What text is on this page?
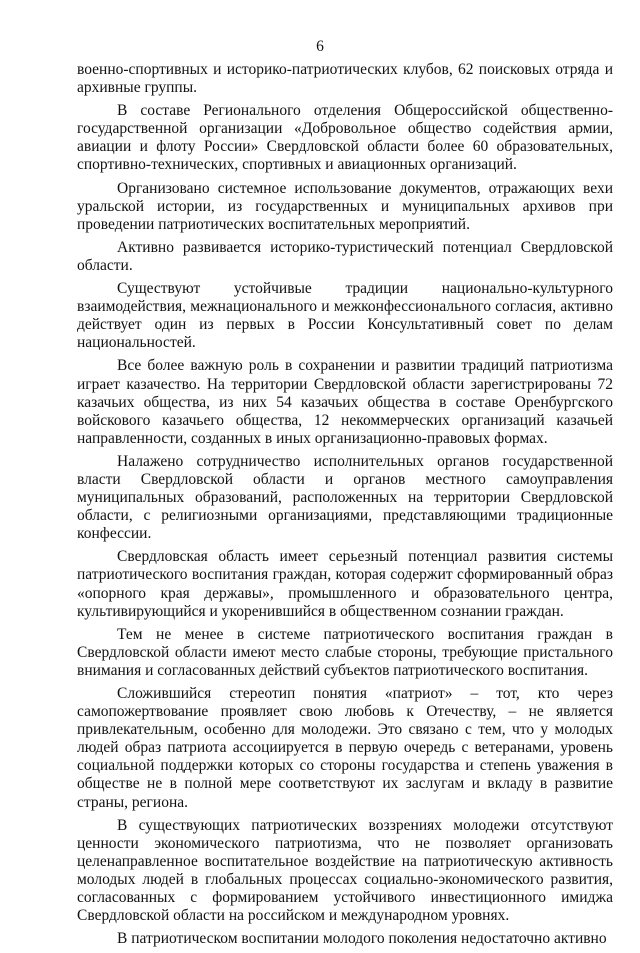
6

военно-спортивных и историко-патриотических клубов, 62 поисковых отряда и архивные группы.

В составе Регионального отделения Общероссийской общественно-государственной организации «Добровольное общество содействия армии, авиации и флоту России» Свердловской области более 60 образовательных, спортивно-технических, спортивных и авиационных организаций.

Организовано системное использование документов, отражающих вехи уральской истории, из государственных и муниципальных архивов при проведении патриотических воспитательных мероприятий.

Активно развивается историко-туристический потенциал Свердловской области.

Существуют устойчивые традиции национально-культурного взаимодействия, межнационального и межконфессионального согласия, активно действует один из первых в России Консультативный совет по делам национальностей.

Все более важную роль в сохранении и развитии традиций патриотизма играет казачество. На территории Свердловской области зарегистрированы 72 казачьих общества, из них 54 казачьих общества в составе Оренбургского войскового казачьего общества, 12 некоммерческих организаций казачьей направленности, созданных в иных организационно-правовых формах.

Налажено сотрудничество исполнительных органов государственной власти Свердловской области и органов местного самоуправления муниципальных образований, расположенных на территории Свердловской области, с религиозными организациями, представляющими традиционные конфессии.

Свердловская область имеет серьезный потенциал развития системы патриотического воспитания граждан, которая содержит сформированный образ «опорного края державы», промышленного и образовательного центра, культивирующийся и укоренившийся в общественном сознании граждан.

Тем не менее в системе патриотического воспитания граждан в Свердловской области имеют место слабые стороны, требующие пристального внимания и согласованных действий субъектов патриотического воспитания.

Сложившийся стереотип понятия «патриот» – тот, кто через самопожертвование проявляет свою любовь к Отечеству, – не является привлекательным, особенно для молодежи. Это связано с тем, что у молодых людей образ патриота ассоциируется в первую очередь с ветеранами, уровень социальной поддержки которых со стороны государства и степень уважения в обществе не в полной мере соответствуют их заслугам и вкладу в развитие страны, региона.

В существующих патриотических воззрениях молодежи отсутствуют ценности экономического патриотизма, что не позволяет организовать целенаправленное воспитательное воздействие на патриотическую активность молодых людей в глобальных процессах социально-экономического развития, согласованных с формированием устойчивого инвестиционного имиджа Свердловской области на российском и международном уровнях.

В патриотическом воспитании молодого поколения недостаточно активно
